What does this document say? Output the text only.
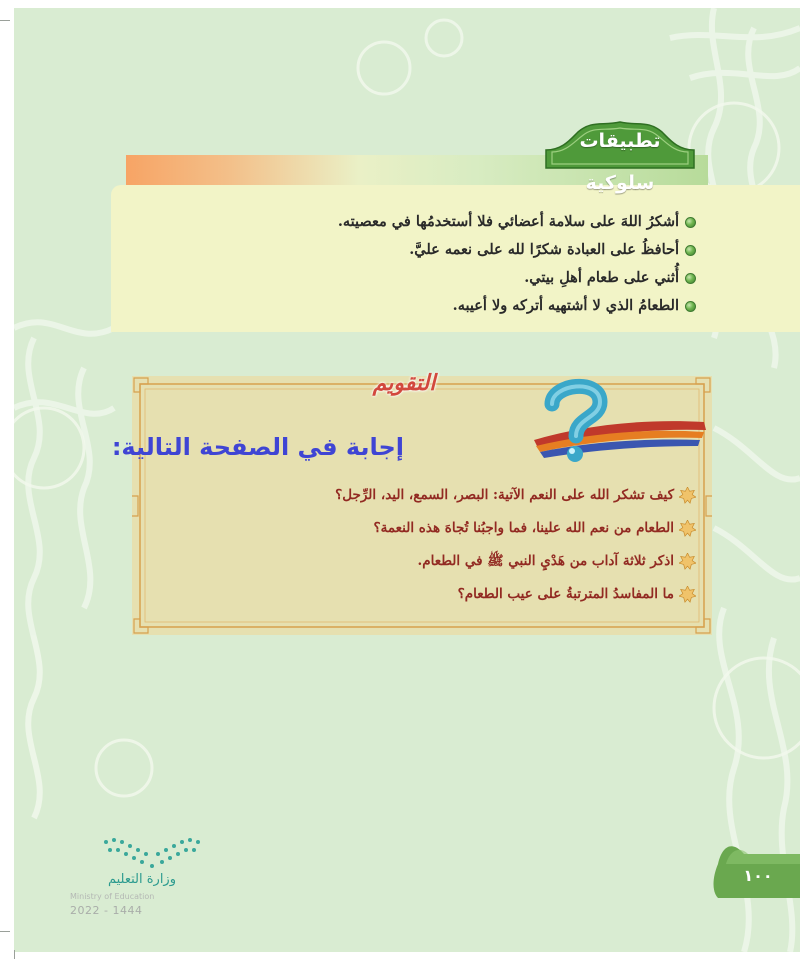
تطبيقات سلوكية
أشكرُ اللهَ على سلامة أعضائي فلا أستخدمُها في معصيته.
أحافظُ على العبادة شكرًا لله على نعمه عليَّ.
أُثني على طعام أهلِ بيتي.
الطعامُ الذي لا أشتهيه أتركه ولا أعيبه.
التقويم
إجابة في الصفحة التالية:
كيف تشكر الله على النعم الآتية: البصر، السمع، اليد، الرِّجل؟
الطعام من نعم الله علينا، فما واجبُنا تُجاهَ هذه النعمة؟
اذكر ثلاثة آداب من هَدْيِ النبي ﷺ في الطعام.
ما المفاسدُ المترتبةُ على عيب الطعام؟
١٠٠
وزارة التعليم
Ministry of Education
2022 - 1444
